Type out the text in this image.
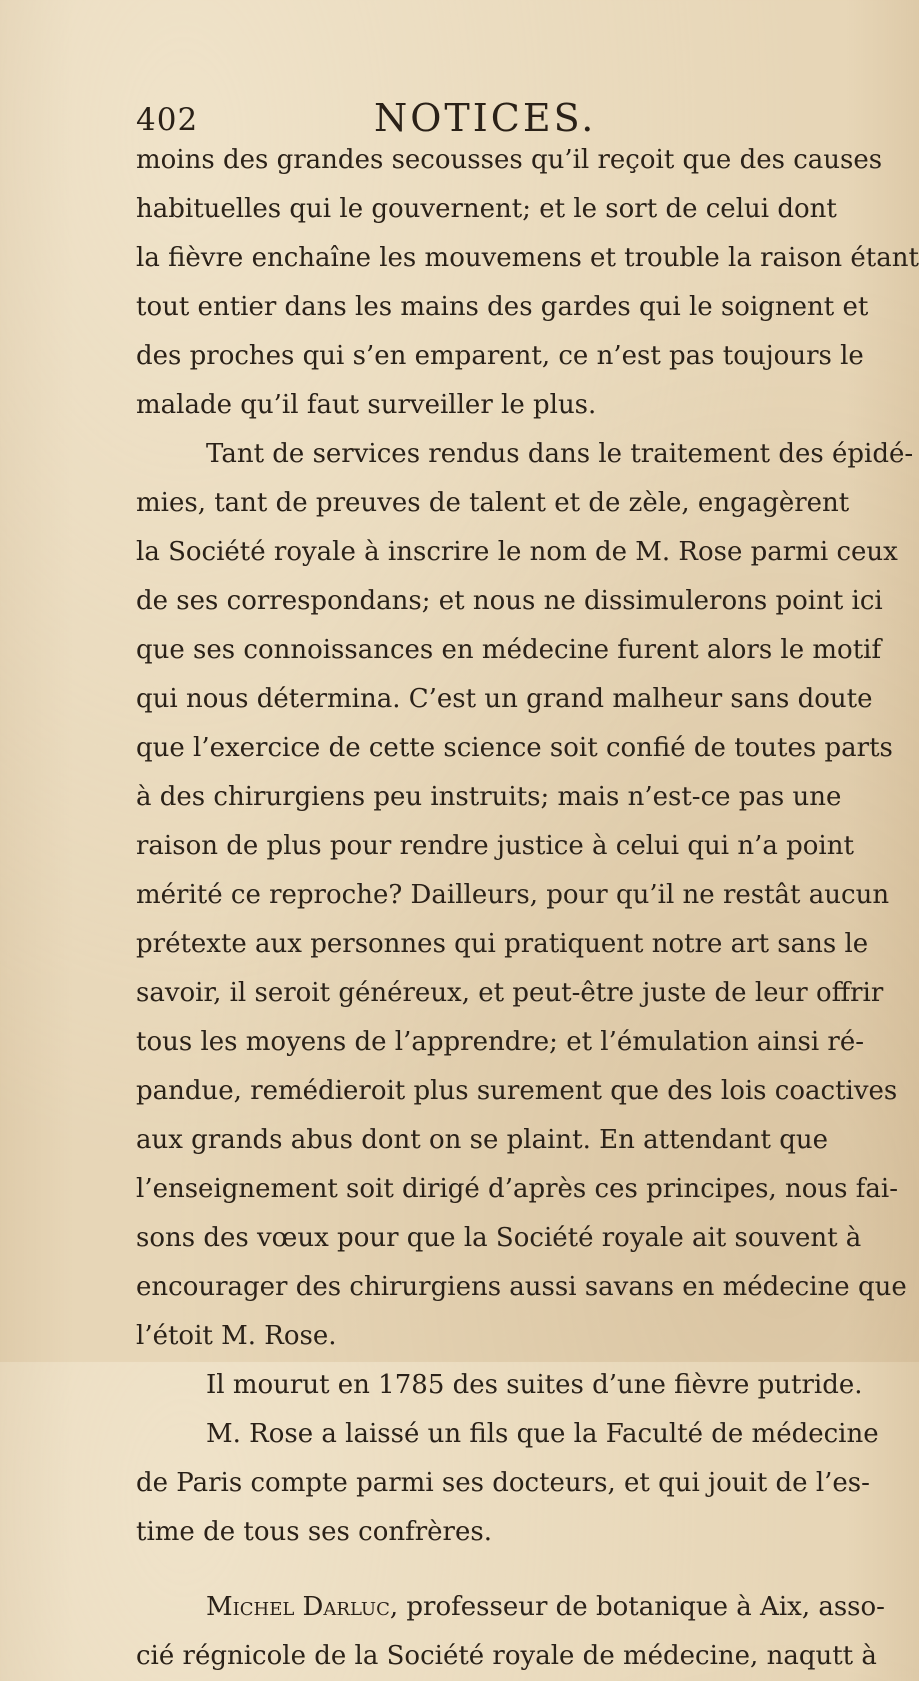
402	NOTICES.
moins des grandes secousses qu’il reçoit que des causes
habituelles qui le gouvernent; et le sort de celui dont
la fièvre enchaîne les mouvemens et trouble la raison étant
tout entier dans les mains des gardes qui le soignent et
des proches qui s’en emparent, ce n’est pas toujours le
malade qu’il faut surveiller le plus.
Tant de services rendus dans le traitement des épidé-
mies, tant de preuves de talent et de zèle, engagèrent
la Société royale à inscrire le nom de M. Rose parmi ceux
de ses correspondans; et nous ne dissimulerons point ici
que ses connoissances en médecine furent alors le motif
qui nous détermina. C’est un grand malheur sans doute
que l’exercice de cette science soit confié de toutes parts
à des chirurgiens peu instruits; mais n’est-ce pas une
raison de plus pour rendre justice à celui qui n’a point
mérité ce reproche? Dailleurs, pour qu’il ne restât aucun
prétexte aux personnes qui pratiquent notre art sans le
savoir, il seroit généreux, et peut-être juste de leur offrir
tous les moyens de l’apprendre; et l’émulation ainsi ré-
pandue, remédieroit plus surement que des lois coactives
aux grands abus dont on se plaint. En attendant que
l’enseignement soit dirigé d’après ces principes, nous fai-
sons des vœux pour que la Société royale ait souvent à
encourager des chirurgiens aussi savans en médecine que
l’étoit M. Rose.
Il mourut en 1785 des suites d’une fièvre putride.
M. Rose a laissé un fils que la Faculté de médecine
de Paris compte parmi ses docteurs, et qui jouit de l’es-
time de tous ses confrères.
Michel Darluc, professeur de botanique à Aix, asso-
cié régnicole de la Société royale de médecine, naqutt à
